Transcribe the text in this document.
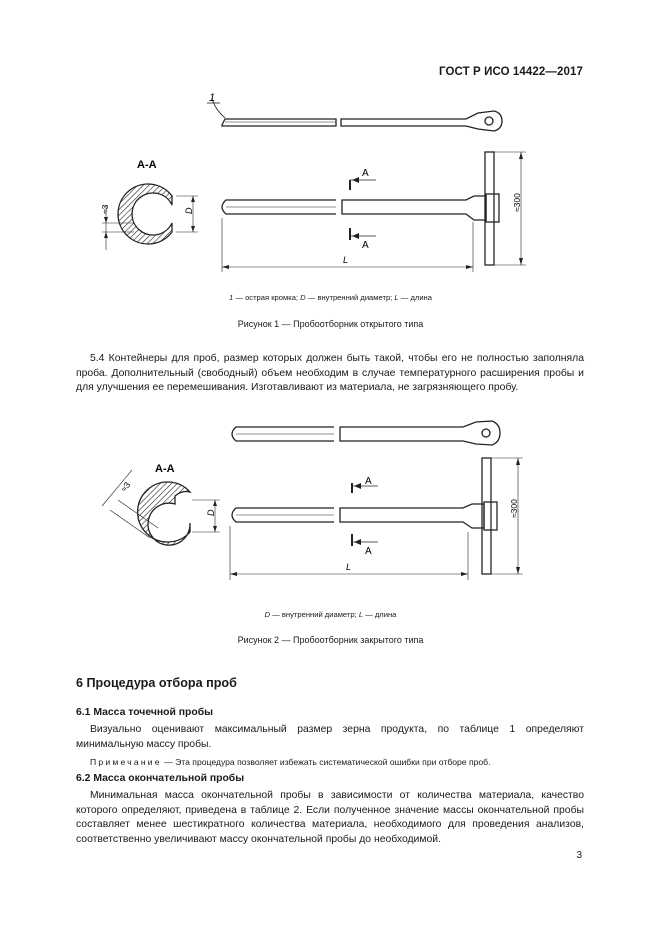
ГОСТ Р ИСО 14422—2017
1
А-А
D
≈3
А
А
L
≈300
1 — острая кромка; D — внутренний диаметр; L — длина
Рисунок 1 — Пробоотборник открытого типа

5.4 Контейнеры для проб, размер которых должен быть такой, чтобы его не полностью заполняла проба. Дополнительный (свободный) объем необходим в случае температурного расширения пробы и для улучшения ее перемешивания. Изготавливают из материала, не загрязняющего пробу.

А-А
D
≈3	А
А
L
≈300
D — внутренний диаметр; L — длина
Рисунок 2 — Пробоотборник закрытого типа
6 Процедура отбора проб
6.1 Масса точечной пробы

Визуально оценивают максимальный размер зерна продукта, по таблице 1 определяют минимальную массу пробы.

Примечание — Эта процедура позволяет избежать систематической ошибки при отборе проб.
6.2 Масса окончательной пробы

Минимальная масса окончательной пробы в зависимости от количества материала, качество которого определяют, приведена в таблице 2. Если полученное значение массы окончательной пробы составляет менее шестикратного количества материала, необходимого для проведения анализов, соответственно увеличивают массу окончательной пробы до необходимой.

3
